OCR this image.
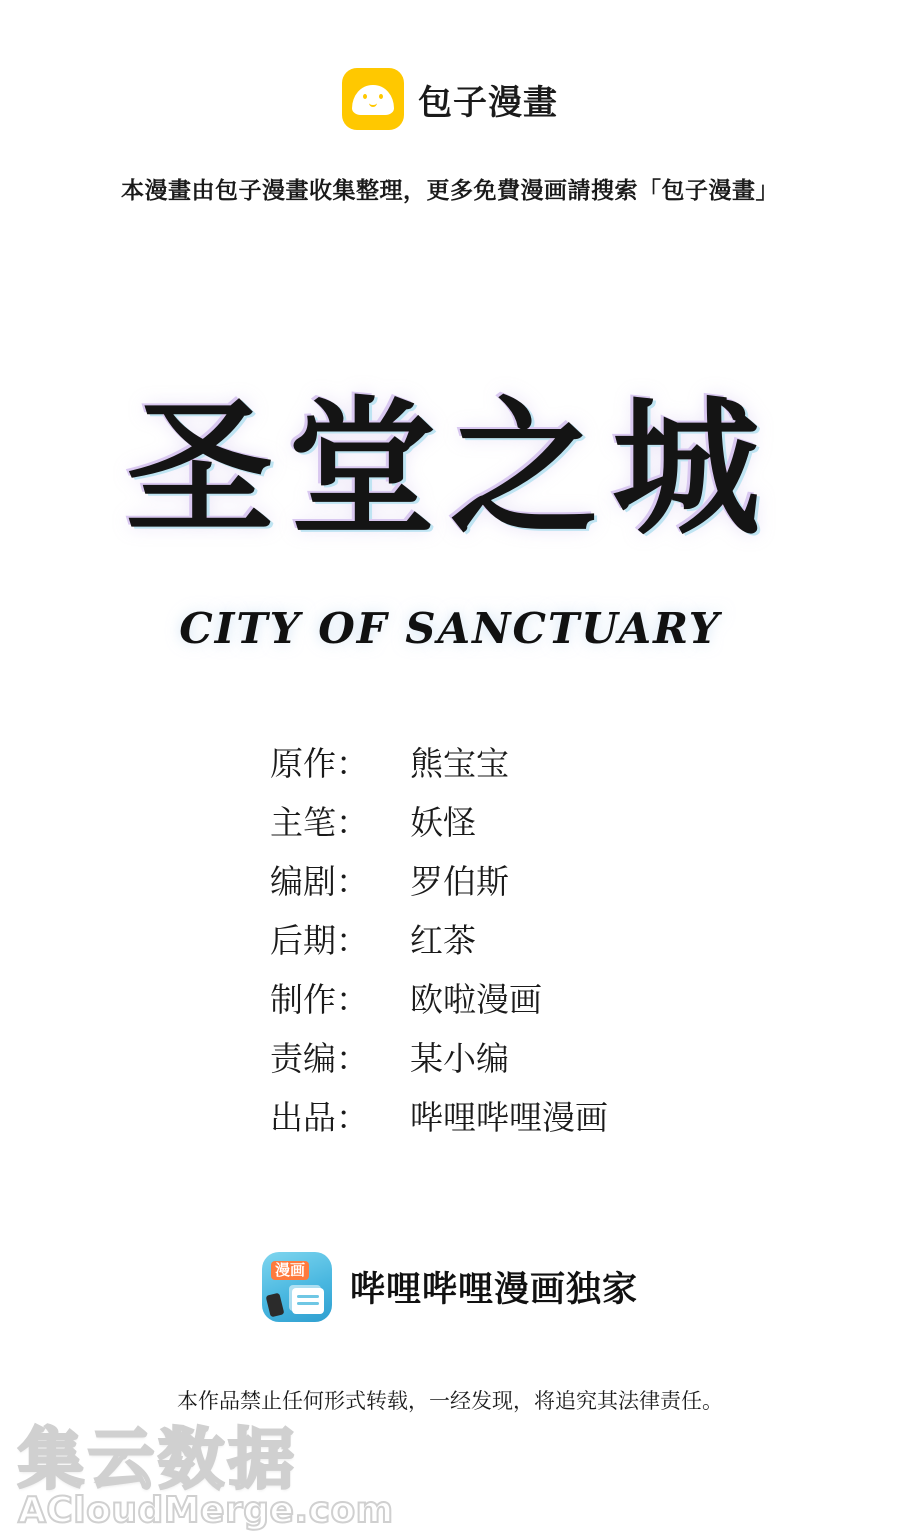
包子漫畫
本漫畫由包子漫畫收集整理，更多免費漫画請搜索「包子漫畫」
圣堂之城
CITY OF SANCTUARY
原作：	熊宝宝
主笔：	妖怪
编剧：	罗伯斯
后期：	红茶
制作：	欧啦漫画
责编：	某小编
出品：	哔哩哔哩漫画
漫画 哔哩哔哩漫画独家
本作品禁止任何形式转载，一经发现，将追究其法律责任。
集云数据
ACloudMerge.com
